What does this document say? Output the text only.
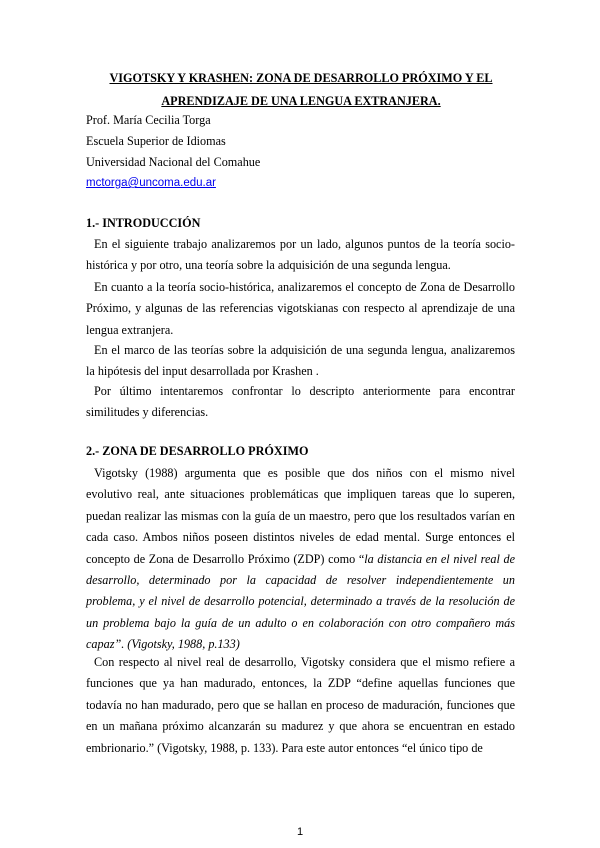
VIGOTSKY Y KRASHEN: ZONA DE DESARROLLO PRÓXIMO Y EL
APRENDIZAJE DE UNA LENGUA EXTRANJERA.
Prof. María Cecilia Torga
Escuela Superior de Idiomas
Universidad Nacional del Comahue
mctorga@uncoma.edu.ar
1.- INTRODUCCIÓN
En el siguiente trabajo analizaremos por un lado, algunos puntos de la teoría socio-histórica y por otro, una teoría sobre la adquisición de una segunda lengua.
En cuanto a la teoría socio-histórica, analizaremos el concepto de Zona de Desarrollo Próximo, y algunas de las referencias vigotskianas con respecto al aprendizaje de una lengua extranjera.
En el marco de las teorías sobre la adquisición de una segunda lengua, analizaremos la hipótesis del input desarrollada por Krashen .
Por último intentaremos confrontar lo descripto anteriormente para encontrar similitudes y diferencias.
2.- ZONA DE DESARROLLO PRÓXIMO
Vigotsky (1988) argumenta que es posible que dos niños con el mismo nivel evolutivo real, ante situaciones problemáticas que impliquen tareas que lo superen, puedan realizar las mismas con la guía de un maestro, pero que los resultados varían en cada caso. Ambos niños poseen distintos niveles de edad mental. Surge entonces el concepto de Zona de Desarrollo Próximo (ZDP) como “la distancia en el nivel real de desarrollo, determinado por la capacidad de resolver independientemente un problema, y el nivel de desarrollo potencial, determinado a través de la resolución de un problema bajo la guía de un adulto o en colaboración con otro compañero más capaz”. (Vigotsky, 1988, p.133)
Con respecto al nivel real de desarrollo, Vigotsky considera que el mismo refiere a funciones que ya han madurado, entonces, la ZDP “define aquellas funciones que todavía no han madurado, pero que se hallan en proceso de maduración, funciones que en un mañana próximo alcanzarán su madurez y que ahora se encuentran en estado embrionario.” (Vigotsky, 1988, p. 133). Para este autor entonces “el único tipo de
1
